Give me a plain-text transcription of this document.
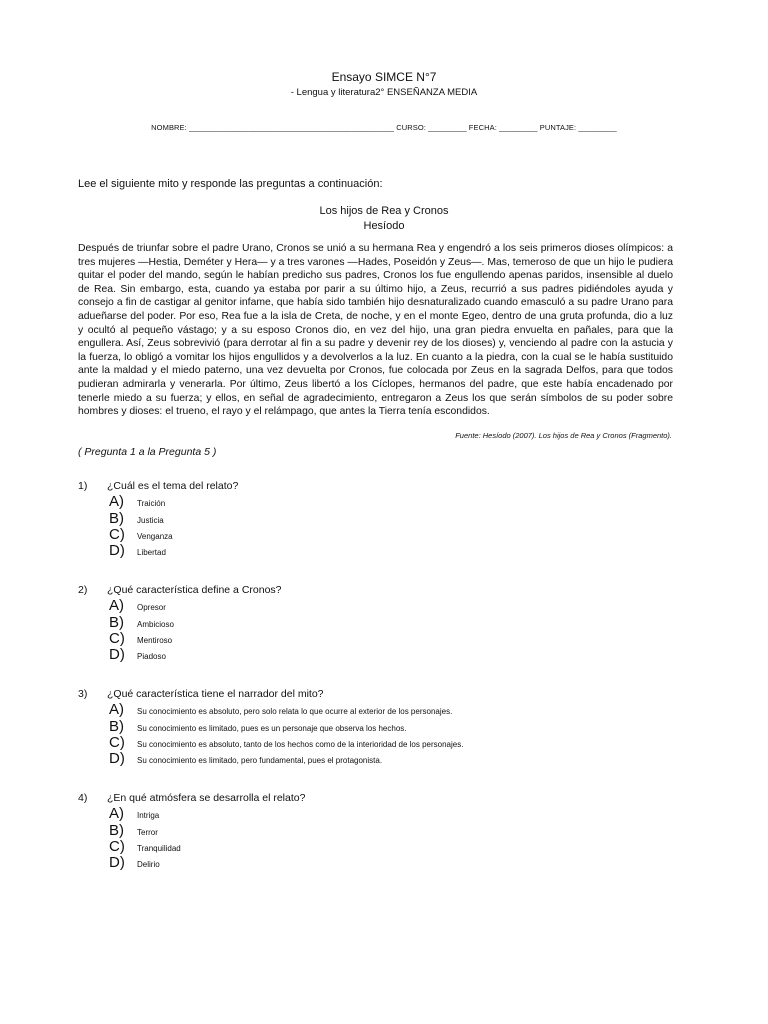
Ensayo SIMCE N°7
- Lengua y literatura2° ENSEÑANZA MEDIA
NOMBRE: ________________________________________________ CURSO: _________ FECHA: _________ PUNTAJE: _________
Lee el siguiente mito y responde las preguntas a continuación:
Los hijos de Rea y Cronos
Hesíodo
Después de triunfar sobre el padre Urano, Cronos se unió a su hermana Rea y engendró a los seis primeros dioses olímpicos: a tres mujeres —Hestia, Deméter y Hera— y a tres varones —Hades, Poseidón y Zeus—. Mas, temeroso de que un hijo le pudiera quitar el poder del mando, según le habían predicho sus padres, Cronos los fue engullendo apenas paridos, insensible al duelo de Rea. Sin embargo, esta, cuando ya estaba por parir a su último hijo, a Zeus, recurrió a sus padres pidiéndoles ayuda y consejo a fin de castigar al genitor infame, que había sido también hijo desnaturalizado cuando emasculó a su padre Urano para adueñarse del poder. Por eso, Rea fue a la isla de Creta, de noche, y en el monte Egeo, dentro de una gruta profunda, dio a luz y ocultó al pequeño vástago; y a su esposo Cronos dio, en vez del hijo, una gran piedra envuelta en pañales, para que la engullera. Así, Zeus sobrevivió (para derrotar al fin a su padre y devenir rey de los dioses) y, venciendo al padre con la astucia y la fuerza, lo obligó a vomitar los hijos engullidos y a devolverlos a la luz. En cuanto a la piedra, con la cual se le había sustituido ante la maldad y el miedo paterno, una vez devuelta por Cronos, fue colocada por Zeus en la sagrada Delfos, para que todos pudieran admirarla y venerarla. Por último, Zeus libertó a los Cíclopes, hermanos del padre, que este había encadenado por tenerle miedo a su fuerza; y ellos, en señal de agradecimiento, entregaron a Zeus los que serán símbolos de su poder sobre hombres y dioses: el trueno, el rayo y el relámpago, que antes la Tierra tenía escondidos.
Fuente: Hesíodo (2007). Los hijos de Rea y Cronos (Fragmento).
( Pregunta 1 a la Pregunta 5 )
1) ¿Cuál es el tema del relato?
A) Traición
B) Justicia
C) Venganza
D) Libertad
2) ¿Qué característica define a Cronos?
A) Opresor
B) Ambicioso
C) Mentiroso
D) Piadoso
3) ¿Qué característica tiene el narrador del mito?
A) Su conocimiento es absoluto, pero solo relata lo que ocurre al exterior de los personajes.
B) Su conocimiento es limitado, pues es un personaje que observa los hechos.
C) Su conocimiento es absoluto, tanto de los hechos como de la interioridad de los personajes.
D) Su conocimiento es limitado, pero fundamental, pues el protagonista.
4) ¿En qué atmósfera se desarrolla el relato?
A) Intriga
B) Terror
C) Tranquilidad
D) Delirio
